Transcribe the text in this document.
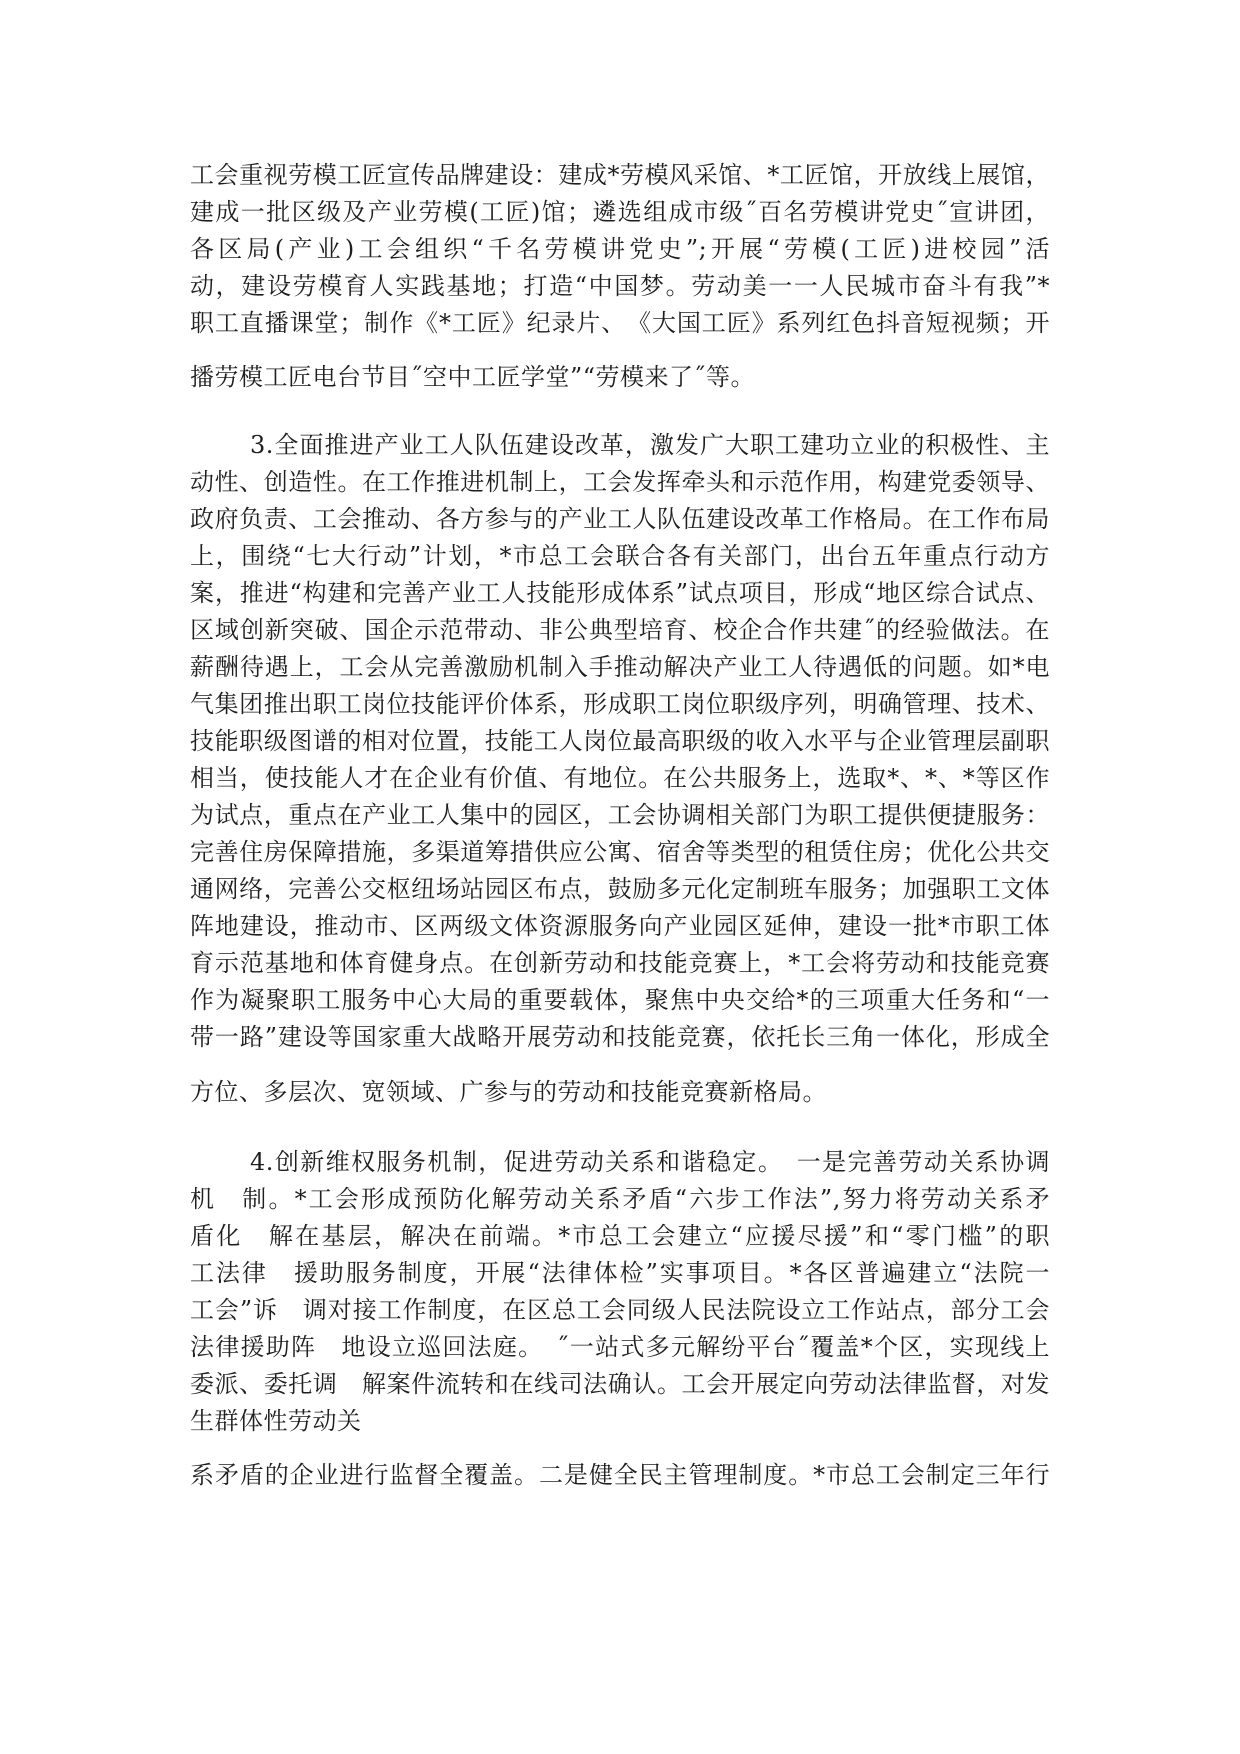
工会重视劳模工匠宣传品牌建设：建成*劳模风采馆、*工匠馆，开放线上展馆，
建成一批区级及产业劳模(工匠)馆；遴选组成市级˝百名劳模讲党史˝宣讲团，
各区局(产业)工会组织“千名劳模讲党史”;开展“劳模(工匠)进校园”活
动，建设劳模育人实践基地；打造“中国梦。劳动美一一人民城市奋斗有我”*
职工直播课堂；制作《*工匠》纪录片、　《大国工匠》系列红色抖音短视频；开
播劳模工匠电台节目˝空中工匠学堂”“劳模来了˝等。
3.全面推进产业工人队伍建设改革，激发广大职工建功立业的积极性、主
动性、创造性。在工作推进机制上，工会发挥牵头和示范作用，构建党委领导、
政府负责、工会推动、各方参与的产业工人队伍建设改革工作格局。在工作布局
上，围绕“七大行动”计划，*市总工会联合各有关部门，出台五年重点行动方
案，推进“构建和完善产业工人技能形成体系”试点项目，形成“地区综合试点、
区域创新突破、国企示范带动、非公典型培育、校企合作共建˝的经验做法。在
薪酬待遇上，工会从完善激励机制入手推动解决产业工人待遇低的问题。如*电
气集团推出职工岗位技能评价体系，形成职工岗位职级序列，明确管理、技术、
技能职级图谱的相对位置，技能工人岗位最高职级的收入水平与企业管理层副职
相当，使技能人才在企业有价值、有地位。在公共服务上，选取*、*、*等区作
为试点，重点在产业工人集中的园区，工会协调相关部门为职工提供便捷服务：
完善住房保障措施，多渠道筹措供应公寓、宿舍等类型的租赁住房；优化公共交
通网络，完善公交枢纽场站园区布点，鼓励多元化定制班车服务；加强职工文体
阵地建设，推动市、区两级文体资源服务向产业园区延伸，建设一批*市职工体
育示范基地和体育健身点。在创新劳动和技能竞赛上，*工会将劳动和技能竞赛
作为凝聚职工服务中心大局的重要载体，聚焦中央交给*的三项重大任务和“一
带一路”建设等国家重大战略开展劳动和技能竞赛，依托长三角一体化，形成全
方位、多层次、宽领域、广参与的劳动和技能竞赛新格局。
4.创新维权服务机制，促进劳动关系和谐稳定。　一是完善劳动关系协调
机　制。*工会形成预防化解劳动关系矛盾“六步工作法”,努力将劳动关系矛
盾化　解在基层，解决在前端。*市总工会建立“应援尽援”和“零门槛”的职
工法律　援助服务制度，开展“法律体检”实事项目。*各区普遍建立“法院一
工会”诉　调对接工作制度，在区总工会同级人民法院设立工作站点，部分工会
法律援助阵　地设立巡回法庭。　˝一站式多元解纷平台˝覆盖*个区，实现线上
委派、委托调　解案件流转和在线司法确认。工会开展定向劳动法律监督，对发
生群体性劳动关
系矛盾的企业进行监督全覆盖。二是健全民主管理制度。*市总工会制定三年行
